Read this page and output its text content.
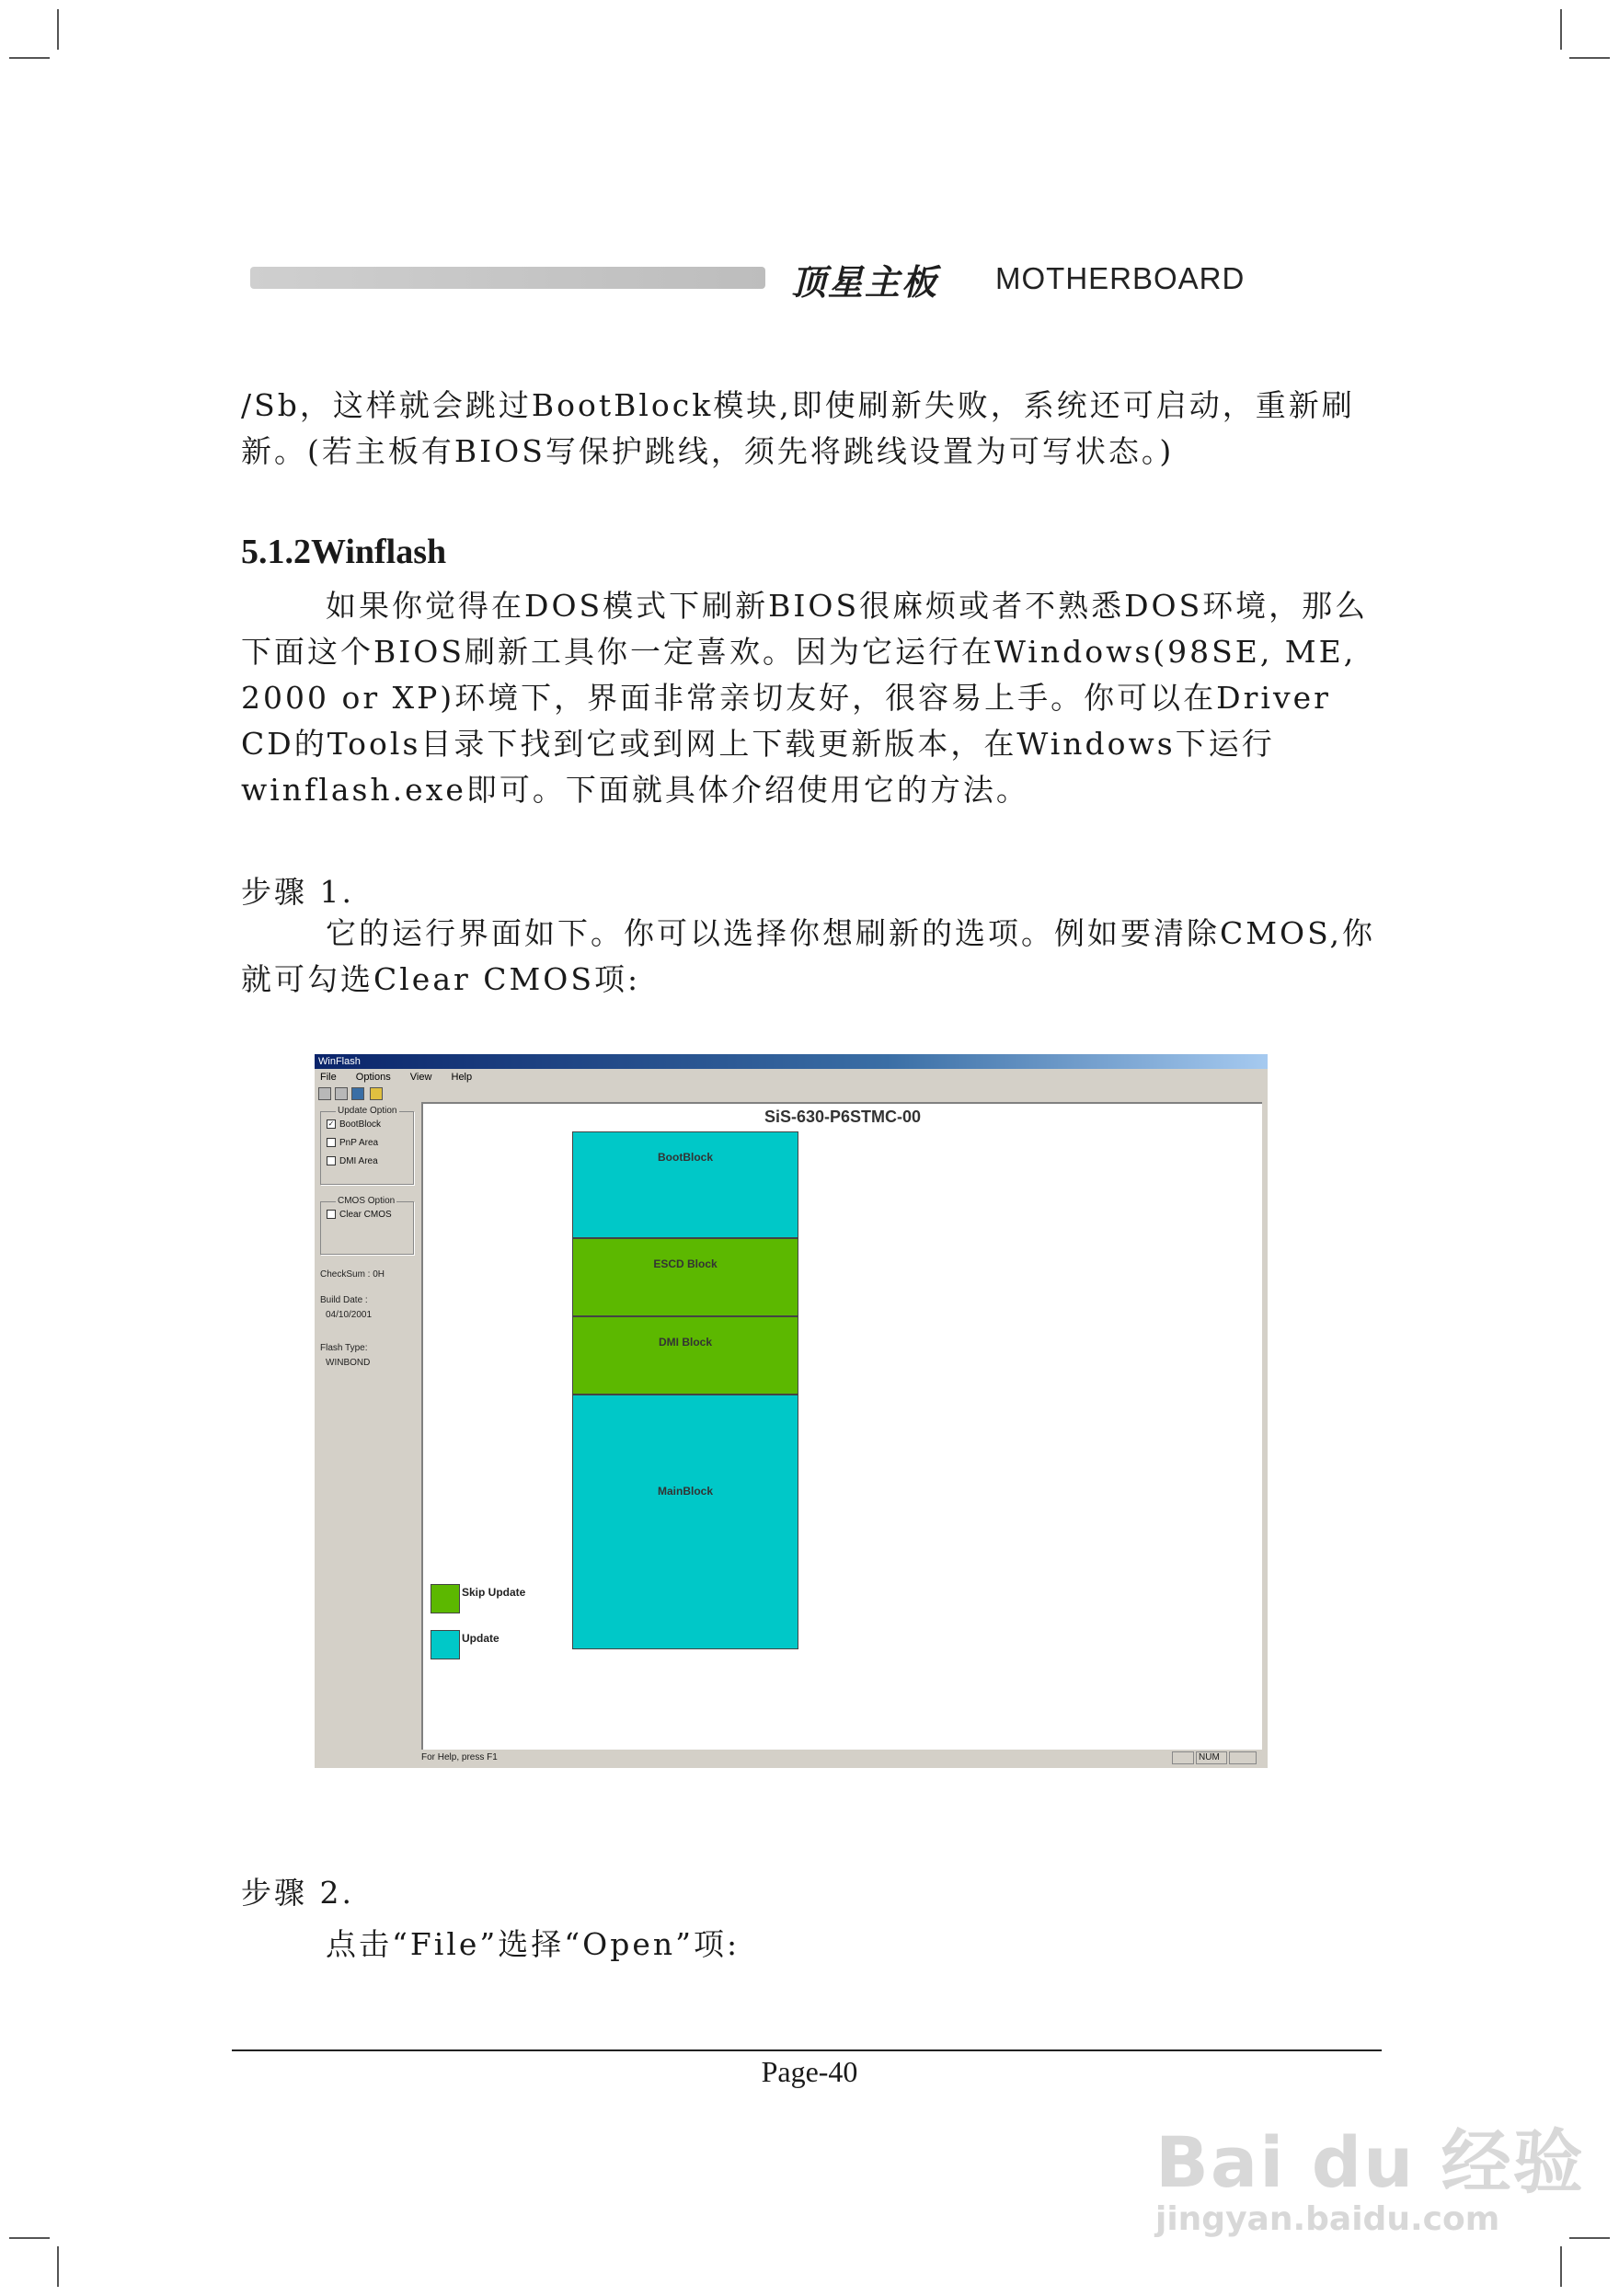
顶星主板 MOTHERBOARD

/Sb，这样就会跳过BootBlock模块,即使刷新失败，系统还可启动，重新刷新。(若主板有BIOS写保护跳线，须先将跳线设置为可写状态。)

5.1.2Winflash

如果你觉得在DOS模式下刷新BIOS很麻烦或者不熟悉DOS环境，那么下面这个BIOS刷新工具你一定喜欢。因为它运行在Windows(98SE, ME, 2000 or XP)环境下，界面非常亲切友好，很容易上手。你可以在Driver CD的Tools目录下找到它或到网上下载更新版本，在Windows下运行winflash.exe即可。下面就具体介绍使用它的方法。

步骤 1.

它的运行界面如下。你可以选择你想刷新的选项。例如要清除CMOS,你就可勾选Clear CMOS项:

WinFlash
File Options View Help
Update Option
✓ BootBlock
PnP Area
DMI Area
CMOS Option
Clear CMOS
CheckSum : 0H
Build Date :
04/10/2001
Flash Type:
WINBOND
SiS-630-P6STMC-00
BootBlock
ESCD Block
DMI Block
MainBlock
Skip Update
Update
For Help, press F1	NUM
步骤 2.
点击“File”选择“Open”项:
Page-40
Bai du 经验
jingyan.baidu.com
